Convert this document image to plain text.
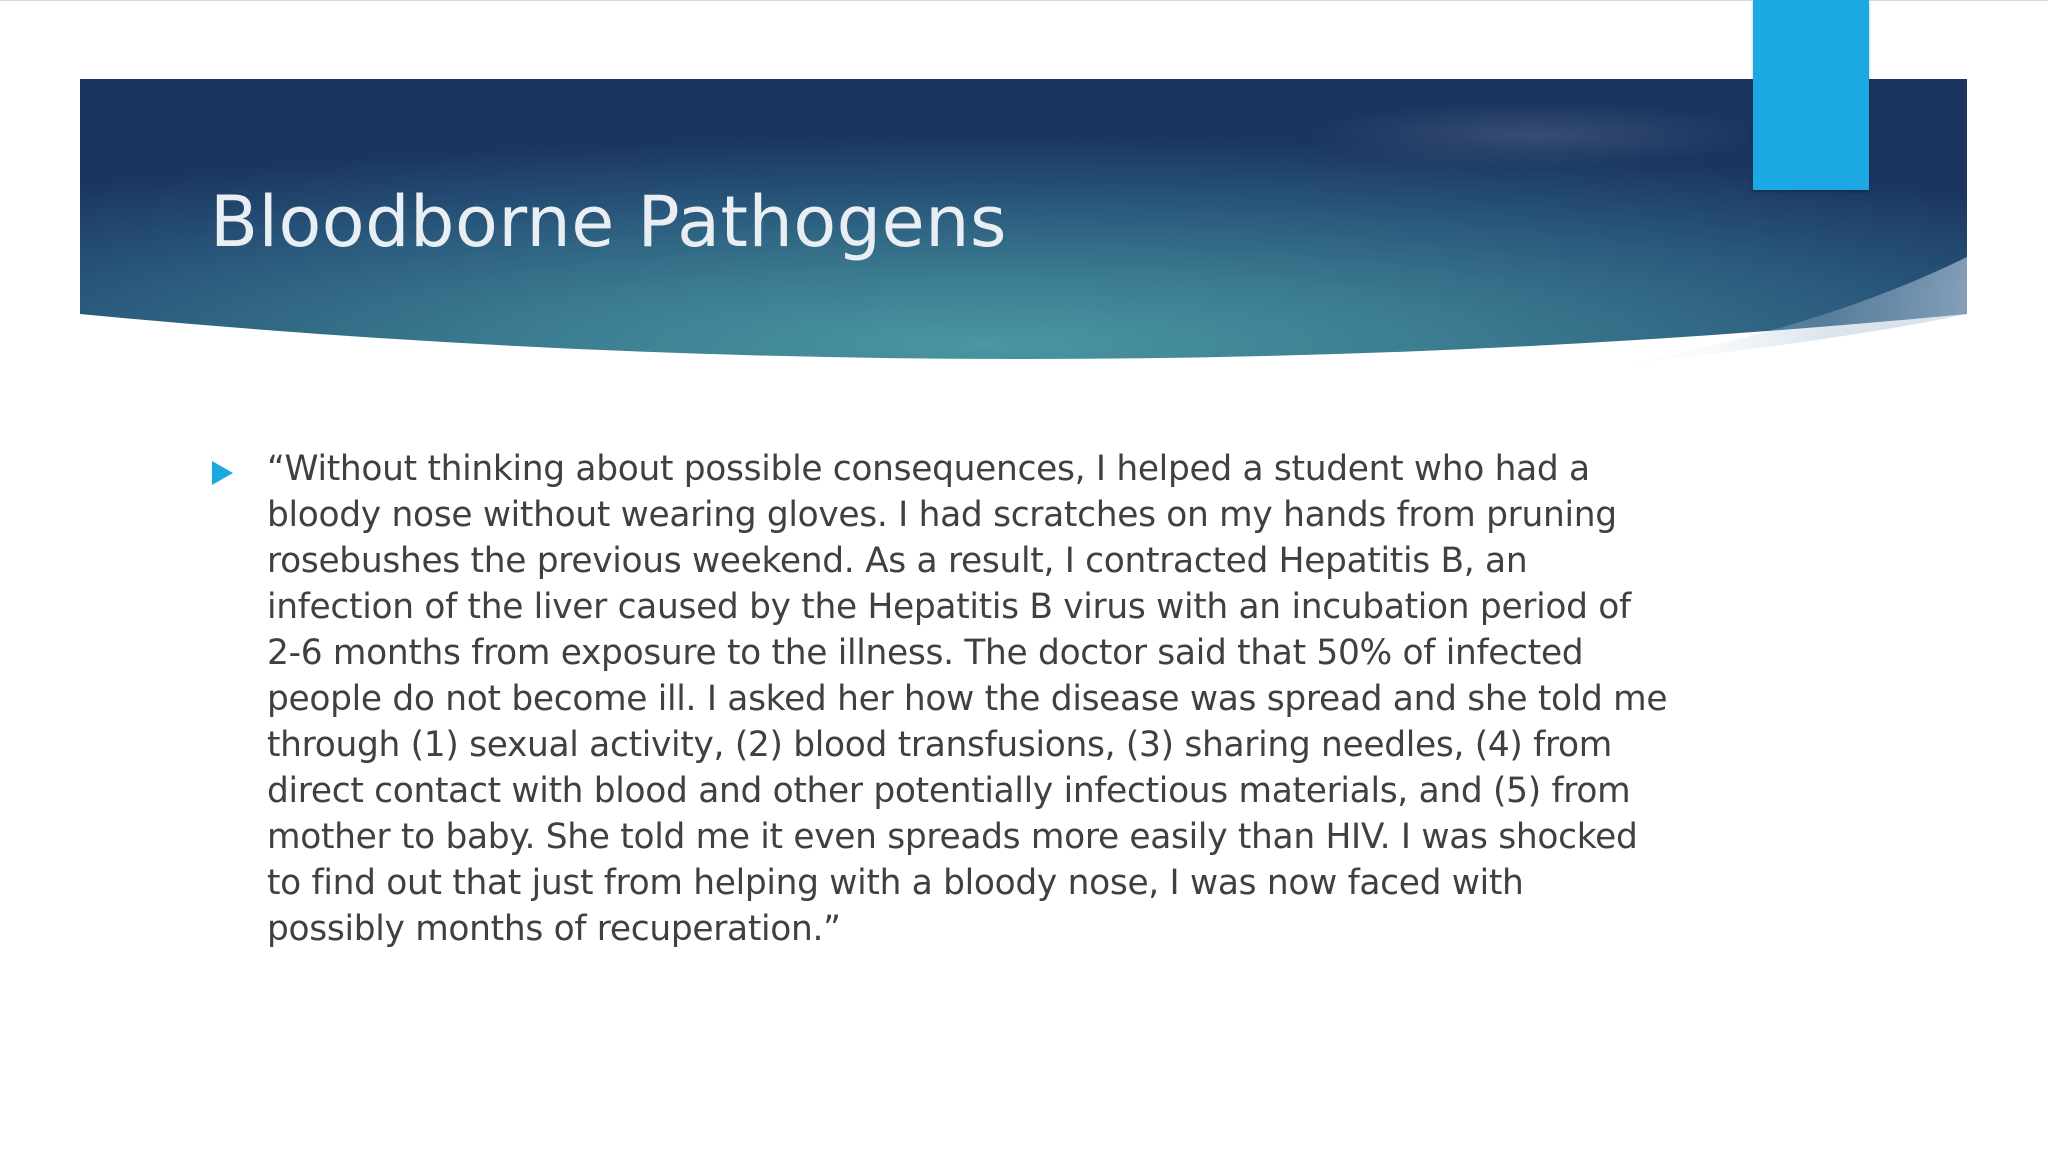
Bloodborne Pathogens

“Without thinking about possible consequences, I helped a student who had a bloody nose without wearing gloves. I had scratches on my hands from pruning rosebushes the previous weekend. As a result, I contracted Hepatitis B, an infection of the liver caused by the Hepatitis B virus with an incubation period of 2-6 months from exposure to the illness. The doctor said that 50% of infected people do not become ill. I asked her how the disease was spread and she told me through (1) sexual activity, (2) blood transfusions, (3) sharing needles, (4) from direct contact with blood and other potentially infectious materials, and (5) from mother to baby. She told me it even spreads more easily than HIV. I was shocked to find out that just from helping with a bloody nose, I was now faced with possibly months of recuperation.”
